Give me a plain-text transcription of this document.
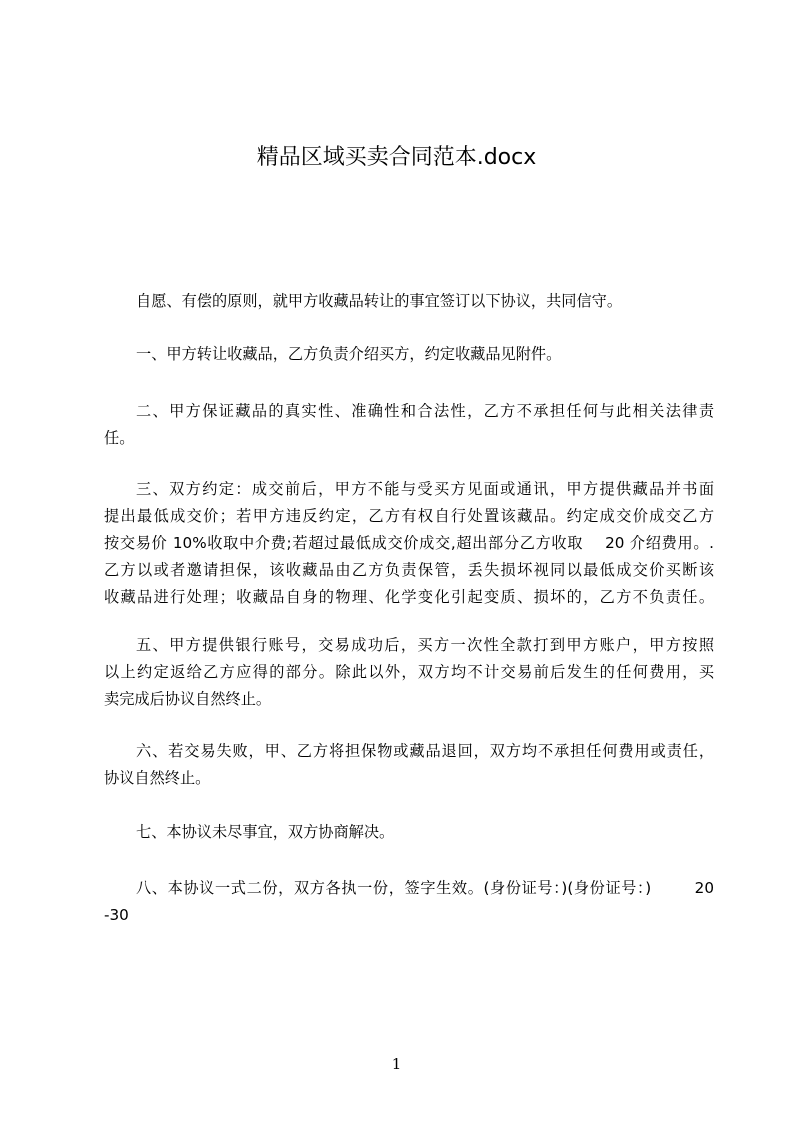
精品区域买卖合同范本.docx
自愿、有偿的原则，就甲方收藏品转让的事宜签订以下协议，共同信守。
一、甲方转让收藏品，乙方负责介绍买方，约定收藏品见附件。
二、甲方保证藏品的真实性、准确性和合法性，乙方不承担任何与此相关法律责
任。
三、双方约定：成交前后，甲方不能与受买方见面或通讯，甲方提供藏品并书面
提出最低成交价；若甲方违反约定，乙方有权自行处置该藏品。约定成交价成交乙方
按交易价 10%收取中介费;若超过最低成交价成交,超出部分乙方收取    20 介绍费用。.
乙方以或者邀请担保，该收藏品由乙方负责保管，丢失损坏视同以最低成交价买断该
收藏品进行处理；收藏品自身的物理、化学变化引起变质、损坏的，乙方不负责任。
五、甲方提供银行账号，交易成功后，买方一次性全款打到甲方账户，甲方按照
以上约定返给乙方应得的部分。除此以外，双方均不计交易前后发生的任何费用，买
卖完成后协议自然终止。
六、若交易失败，甲、乙方将担保物或藏品退回，双方均不承担任何费用或责任，
协议自然终止。
七、本协议未尽事宜，双方协商解决。
八、本协议一式二份，双方各执一份，签字生效。(身份证号：)(身份证号：)        20
-30
1
